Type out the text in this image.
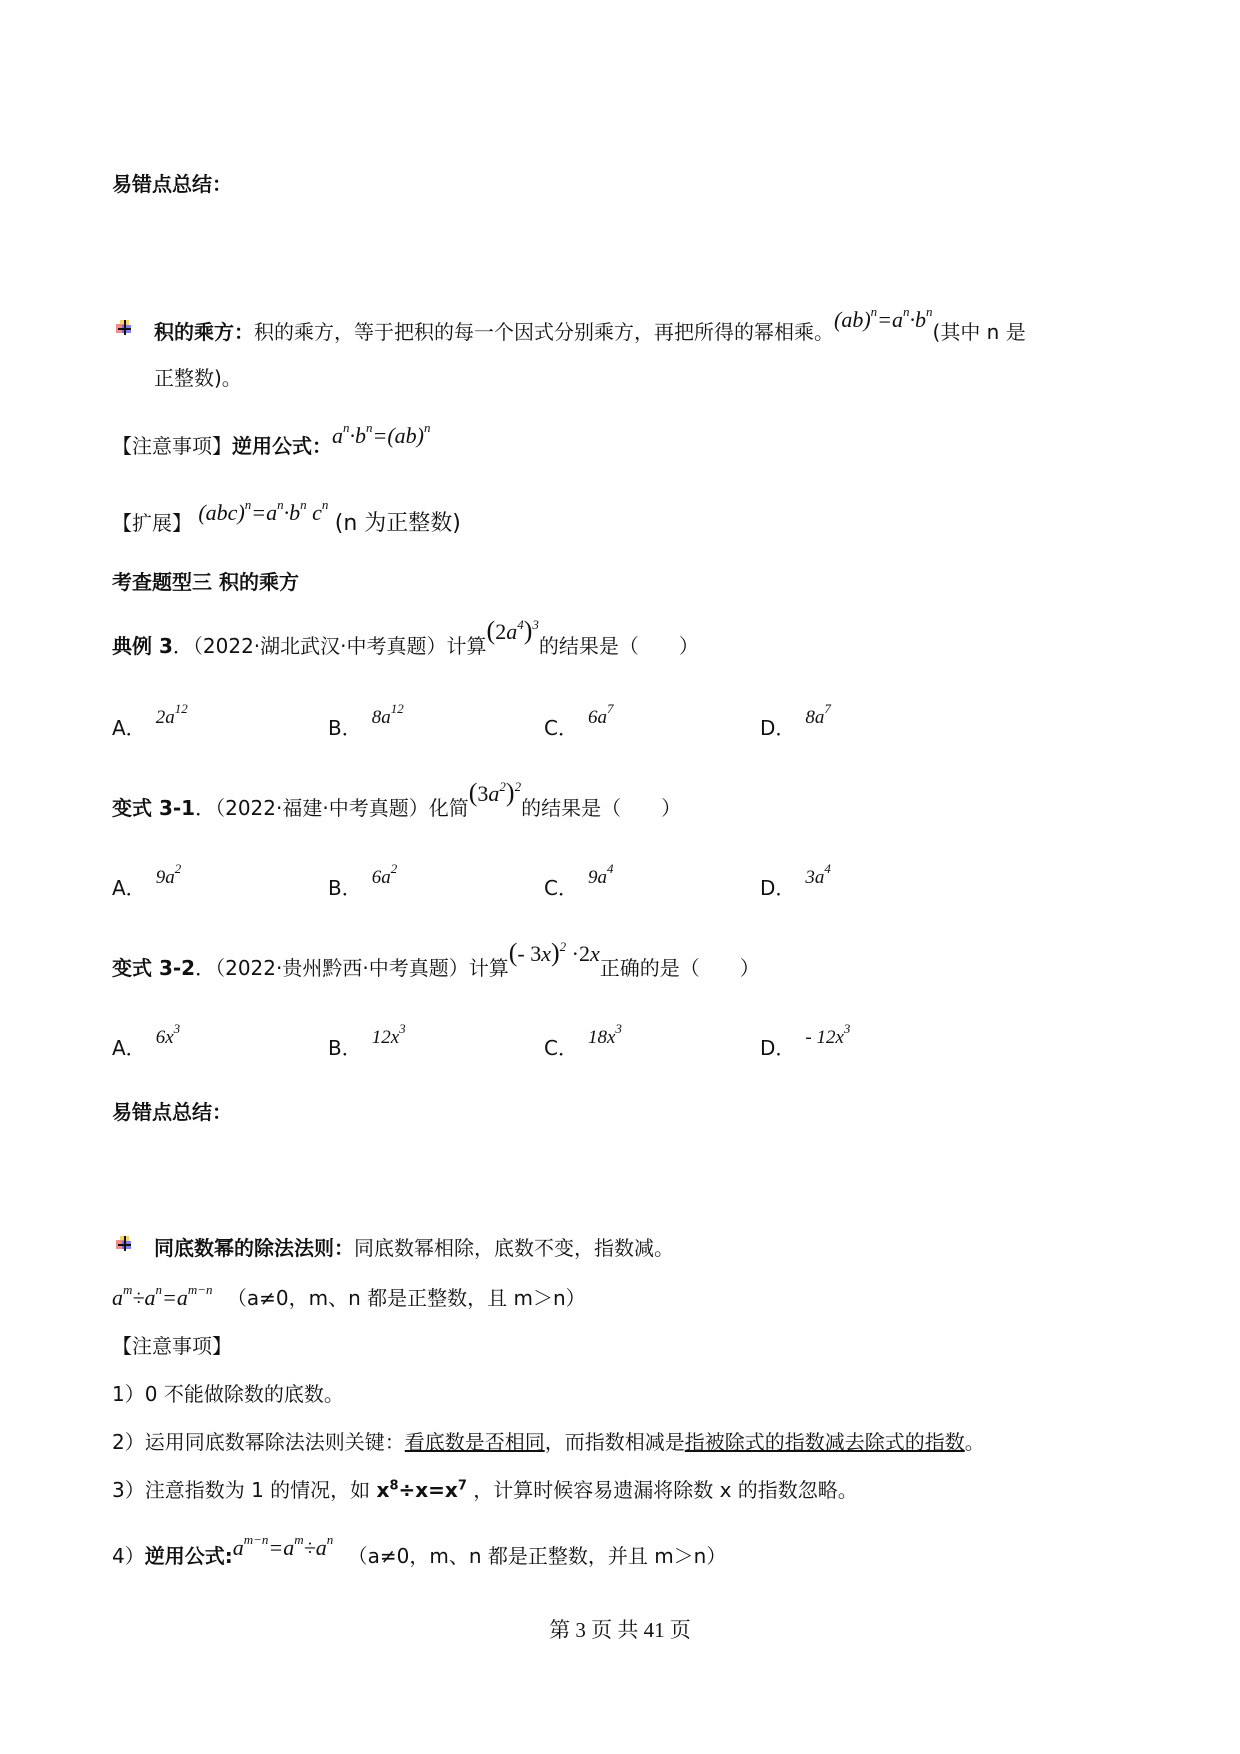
易错点总结：
积的乘方：积的乘方，等于把积的每一个因式分别乘方，再把所得的幂相乘。$(ab)^n=a^n\cdot b^n$(其中 n 是
正整数)。
【注意事项】逆用公式：$a^n\cdot b^n=(ab)^n$
【扩展】 $(abc)^n=a^n\cdot b^n$ $c^n$ (n 为正整数)
考查题型三 积的乘方
典例 3．（2022·湖北武汉·中考真题）计算$(2a^4)^3$的结果是（　　）
A． $2a^{12}$
B． $8a^{12}$
C． $6a^7$
D． $8a^7$
变式 3-1．（2022·福建·中考真题）化简$(3a^2)^2$的结果是（　　）
A． $9a^2$
B． $6a^2$
C． $9a^4$
D． $3a^4$
变式 3-2．（2022·贵州黔西·中考真题）计算(- 3x)$^2$ ·2x正确的是（　　）
A． $6x^3$
B． $12x^3$
C． $18x^3$
D． - $12x^3$
易错点总结：
同底数幂的除法法则：同底数幂相除，底数不变，指数减。
$a^m\div a^n=a^{m-n}$ （a≠0，m、n 都是正整数，且 m＞n）
【注意事项】
1）0 不能做除数的底数。
2）运用同底数幂除法法则关键：看底数是否相同，而指数相减是指被除式的指数减去除式的指数。
3）注意指数为 1 的情况，如 $x^8\div x=x^7$ ，计算时候容易遗漏将除数 x 的指数忽略。
4）逆用公式$:a^{m-n}=a^m\div a^n$ （a≠0，m、n 都是正整数，并且 m＞n）
第 3 页 共 41 页
